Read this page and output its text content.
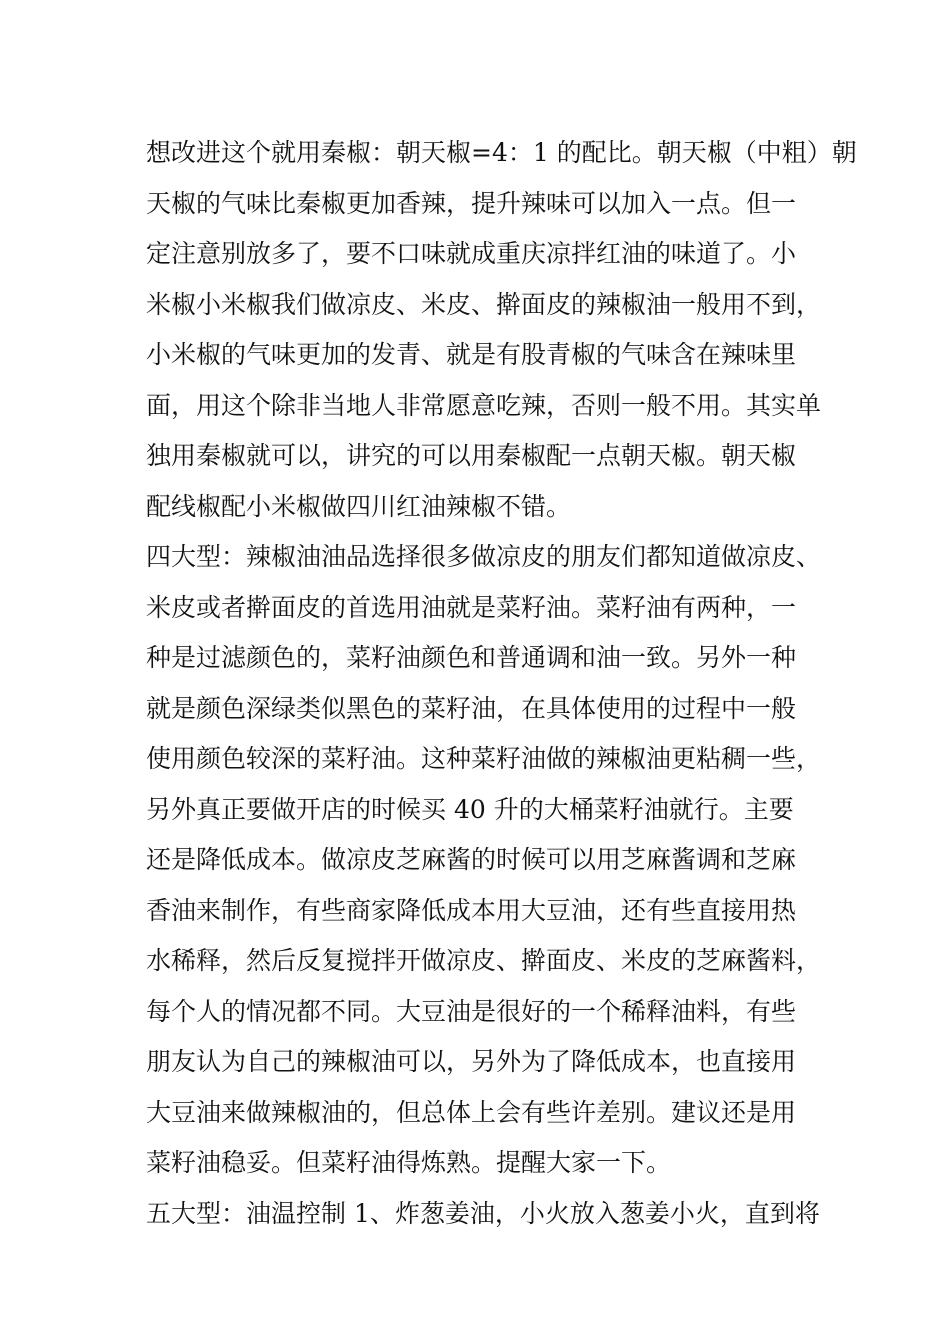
想改进这个就用秦椒：朝天椒=4：1 的配比。朝天椒（中粗）朝
天椒的气味比秦椒更加香辣，提升辣味可以加入一点。但一
定注意别放多了，要不口味就成重庆凉拌红油的味道了。小
米椒小米椒我们做凉皮、米皮、擀面皮的辣椒油一般用不到，
小米椒的气味更加的发青、就是有股青椒的气味含在辣味里
面，用这个除非当地人非常愿意吃辣，否则一般不用。其实单
独用秦椒就可以，讲究的可以用秦椒配一点朝天椒。朝天椒
配线椒配小米椒做四川红油辣椒不错。
四大型：辣椒油油品选择很多做凉皮的朋友们都知道做凉皮、
米皮或者擀面皮的首选用油就是菜籽油。菜籽油有两种，一
种是过滤颜色的，菜籽油颜色和普通调和油一致。另外一种
就是颜色深绿类似黑色的菜籽油，在具体使用的过程中一般
使用颜色较深的菜籽油。这种菜籽油做的辣椒油更粘稠一些，
另外真正要做开店的时候买 40 升的大桶菜籽油就行。主要
还是降低成本。做凉皮芝麻酱的时候可以用芝麻酱调和芝麻
香油来制作，有些商家降低成本用大豆油，还有些直接用热
水稀释，然后反复搅拌开做凉皮、擀面皮、米皮的芝麻酱料，
每个人的情况都不同。大豆油是很好的一个稀释油料，有些
朋友认为自己的辣椒油可以，另外为了降低成本，也直接用
大豆油来做辣椒油的，但总体上会有些许差别。建议还是用
菜籽油稳妥。但菜籽油得炼熟。提醒大家一下。
五大型：油温控制 1、炸葱姜油，小火放入葱姜小火，直到将
